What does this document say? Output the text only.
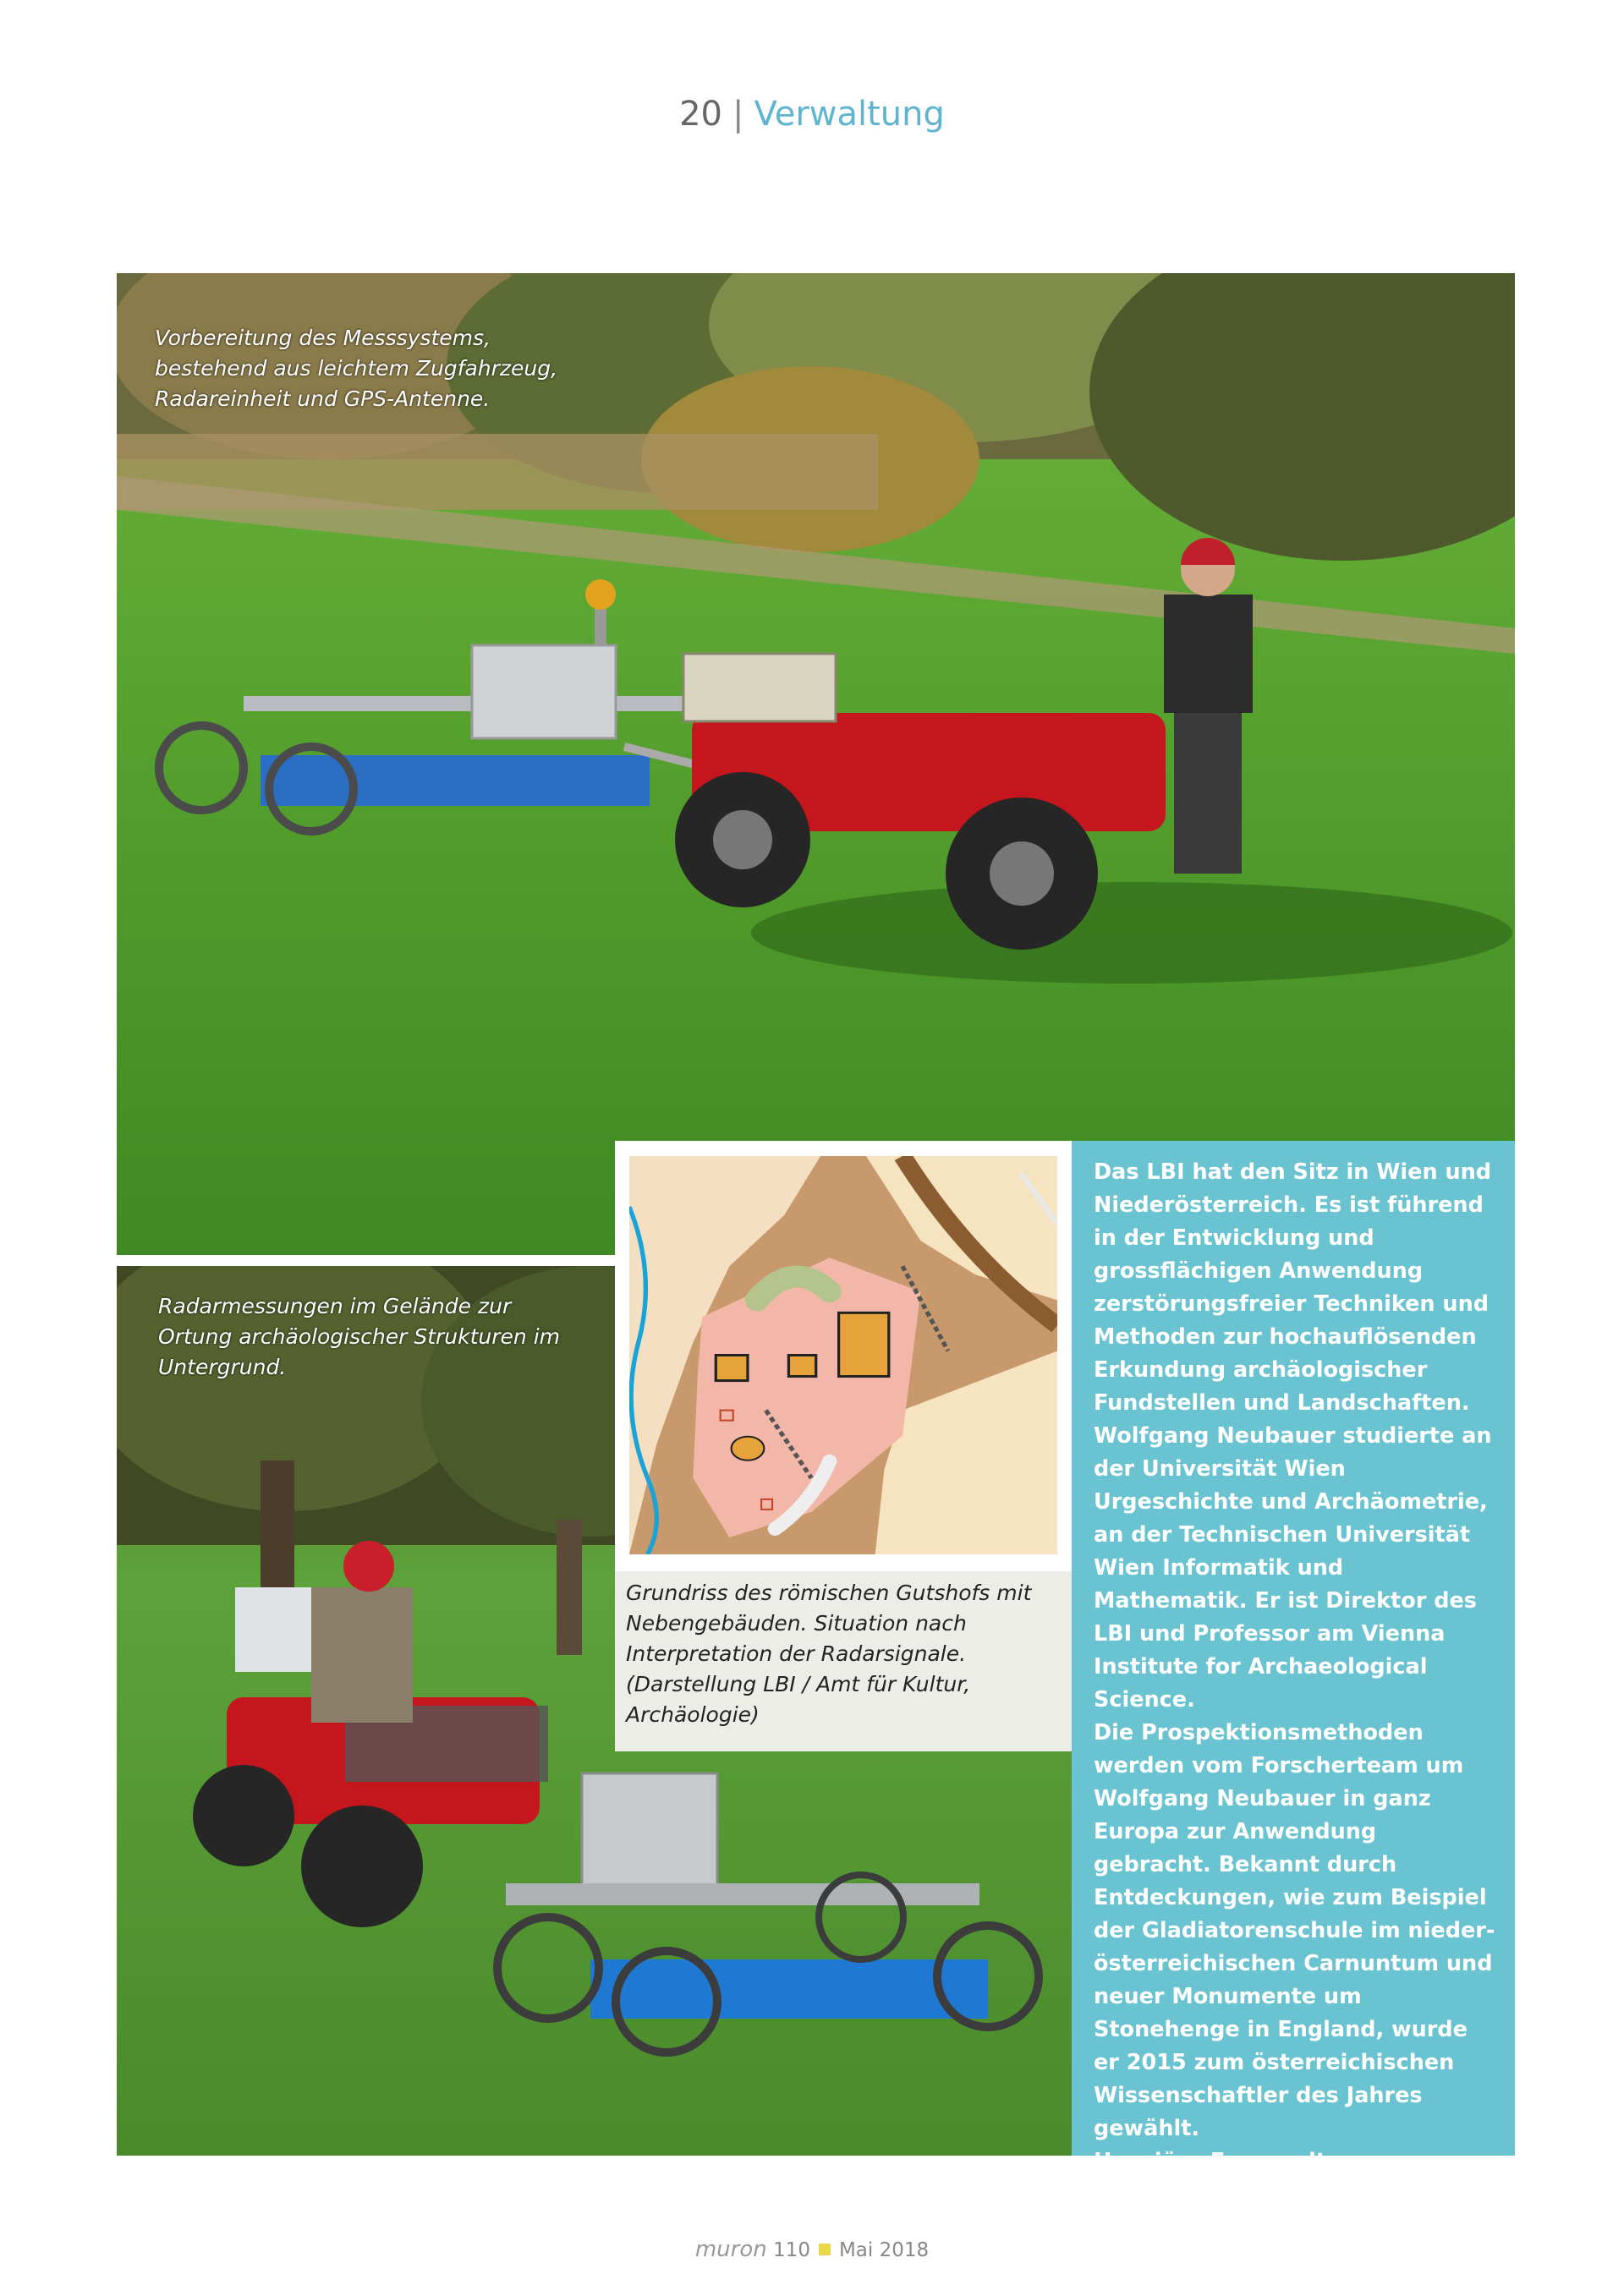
20 | Verwaltung
Vorbereitung des Messsystems, bestehend aus leichtem Zugfahrzeug, Radareinheit und GPS-Antenne.
Radarmessungen im Gelände zur Ortung archäologischer Strukturen im Untergrund.
Grundriss des römischen Gutshofs mit Nebengebäuden. Situation nach Interpretation der Radarsignale. (Darstellung LBI / Amt für Kultur, Archäologie)

Das LBI hat den Sitz in Wien und Niederösterreich. Es ist führend in der Entwicklung und grossflächigen Anwendung zerstörungsfreier Techniken und Methoden zur hochauflösenden Erkundung archäologischer Fundstellen und Landschaften.

Wolfgang Neubauer studierte an der Universität Wien Urgeschichte und Archäometrie, an der Technischen Universität Wien Informatik und Mathematik. Er ist Direktor des LBI und Professor am Vienna Institute for Archaeological Science.

Die Prospektionsmethoden werden vom Forscherteam um Wolfgang Neubauer in ganz Europa zur Anwendung gebracht. Bekannt durch Entdeckungen, wie zum Beispiel der Gladiatorenschule im niederösterreichischen Carnuntum und neuer Monumente um Stonehenge in England, wurde er 2015 zum österreichischen Wissenschaftler des Jahres gewählt.

Hansjörg Frommelt

Amt für Kultur, Archäologie

muron 110 Mai 2018
